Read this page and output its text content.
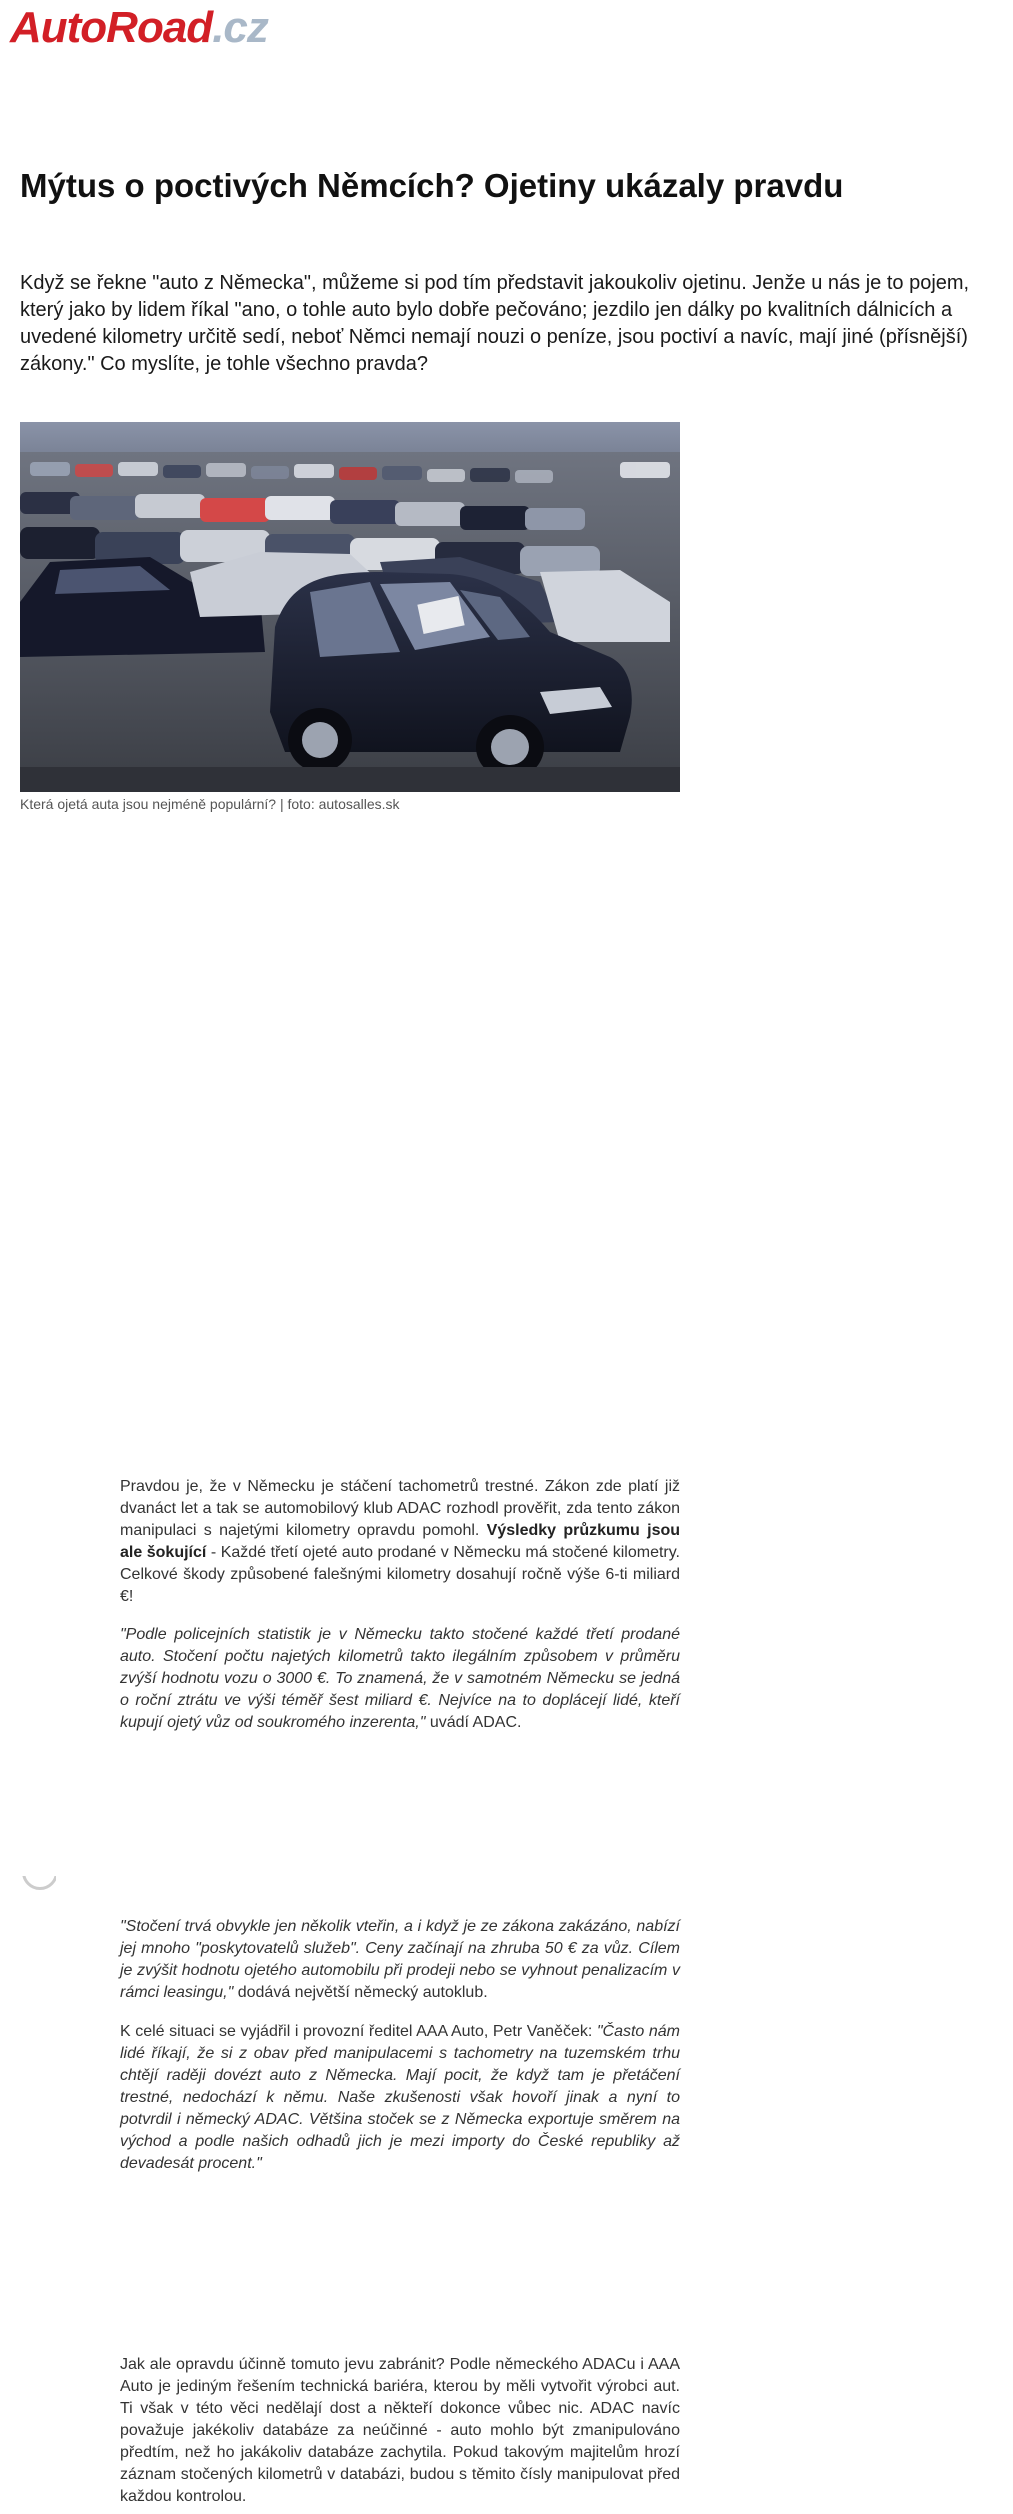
AutoRoad.cz
Mýtus o poctivých Němcích? Ojetiny ukázaly pravdu

Když se řekne "auto z Německa", můžeme si pod tím představit jakoukoliv ojetinu. Jenže u nás je to pojem, který jako by lidem říkal "ano, o tohle auto bylo dobře pečováno; jezdilo jen dálky po kvalitních dálnicích a uvedené kilometry určitě sedí, neboť Němci nemají nouzi o peníze, jsou poctiví a navíc, mají jiné (přísnější) zákony." Co myslíte, je tohle všechno pravda?

Která ojetá auta jsou nejméně populární? | foto: autosalles.sk

Pravdou je, že v Německu je stáčení tachometrů trestné. Zákon zde platí již dvanáct let a tak se automobilový klub ADAC rozhodl prověřit, zda tento zákon manipulaci s najetými kilometry opravdu pomohl. Výsledky průzkumu jsou ale šokující - Každé třetí ojeté auto prodané v Německu má stočené kilometry. Celkové škody způsobené falešnými kilometry dosahují ročně výše 6-ti miliard €!

"Podle policejních statistik je v Německu takto stočené každé třetí prodané auto. Stočení počtu najetých kilometrů takto ilegálním způsobem v průměru zvýší hodnotu vozu o 3000 €. To znamená, že v samotném Německu se jedná o roční ztrátu ve výši téměř šest miliard €. Nejvíce na to doplácejí lidé, kteří kupují ojetý vůz od soukromého inzerenta," uvádí ADAC.

"Stočení trvá obvykle jen několik vteřin, a i když je ze zákona zakázáno, nabízí jej mnoho "poskytovatelů služeb". Ceny začínají na zhruba 50 € za vůz. Cílem je zvýšit hodnotu ojetého automobilu při prodeji nebo se vyhnout penalizacím v rámci leasingu," dodává největší německý autoklub.

K celé situaci se vyjádřil i provozní ředitel AAA Auto, Petr Vaněček: "Často nám lidé říkají, že si z obav před manipulacemi s tachometry na tuzemském trhu chtějí raději dovézt auto z Německa. Mají pocit, že když tam je přetáčení trestné, nedochází k němu. Naše zkušenosti však hovoří jinak a nyní to potvrdil i německý ADAC. Většina stoček se z Německa exportuje směrem na východ a podle našich odhadů jich je mezi importy do České republiky až devadesát procent."

Jak ale opravdu účinně tomuto jevu zabránit? Podle německého ADACu i AAA Auto je jediným řešením technická bariéra, kterou by měli vytvořit výrobci aut. Ti však v této věci nedělají dost a někteří dokonce vůbec nic. ADAC navíc považuje jakékoliv databáze za neúčinné - auto mohlo být zmanipulováno předtím, než ho jakákoliv databáze zachytila. Pokud takovým majitelům hrozí záznam stočených kilometrů v databázi, budou s těmito čísly manipulovat před každou kontrolou.
